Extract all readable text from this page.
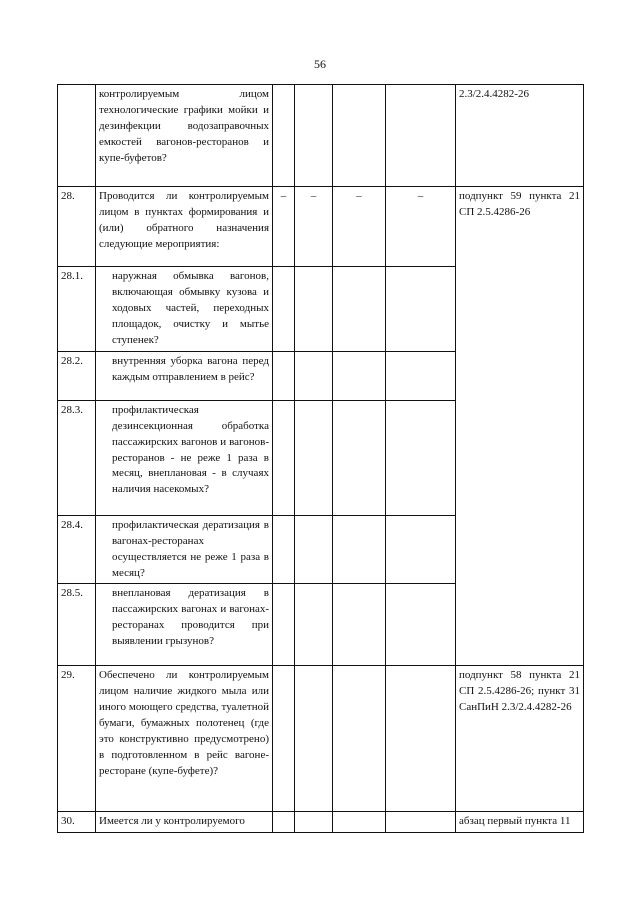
56
	контролируемым лицом технологические графики мойки и дезинфекции водозаправочных емкостей вагонов-ресторанов и купе-буфетов?					2.3/2.4.4282-26
28.	Проводится ли контролируемым лицом в пунктах формирования и (или) обратного назначения следующие мероприятия:	–	–	–	–	подпункт 59 пункта 21 СП 2.5.4286-26
28.1.	наружная обмывка вагонов, включающая обмывку кузова и ходовых частей, переходных площадок, очистку и мытье ступенек?					
28.2.	внутренняя уборка вагона перед каждым отправлением в рейс?					
28.3.	профилактическая дезинсекционная обработка пассажирских вагонов и вагонов-ресторанов - не реже 1 раза в месяц, внеплановая - в случаях наличия насекомых?					
28.4.	профилактическая дератизация в вагонах-ресторанах осуществляется не реже 1 раза в месяц?					
28.5.	внеплановая дератизация в пассажирских вагонах и вагонах-ресторанах проводится при выявлении грызунов?					
29.	Обеспечено ли контролируемым лицом наличие жидкого мыла или иного моющего средства, туалетной бумаги, бумажных полотенец (где это конструктивно предусмотрено) в подготовленном в рейс вагоне-ресторане (купе-буфете)?					подпункт 58 пункта 21 СП 2.5.4286-26; пункт 31 СанПиН 2.3/2.4.4282-26
30.	Имеется ли у контролируемого					абзац первый пункта 11
